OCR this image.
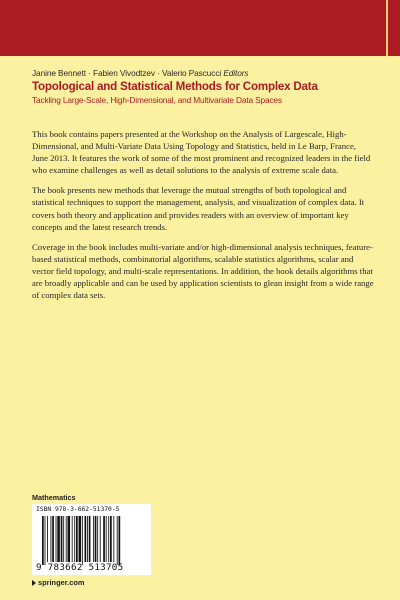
Janine Bennett · Fabien Vivodtzev · Valerio Pascucci Editors
Topological and Statistical Methods for Complex Data
Tackling Large-Scale, High-Dimensional, and Multivariate Data Spaces

This book contains papers presented at the Workshop on the Analysis of Largescale, High-Dimensional, and Multi-Variate Data Using Topology and Statistics, held in Le Barp, France, June 2013. It features the work of some of the most prominent and recognized leaders in the field who examine challenges as well as detail solutions to the analysis of extreme scale data.

The book presents new methods that leverage the mutual strengths of both topological and statistical techniques to support the management, analysis, and visualization of complex data. It covers both theory and application and provides readers with an overview of important key concepts and the latest research trends.

Coverage in the book includes multi-variate and/or high-dimensional analysis techniques, feature-based statistical methods, combinatorial algorithms, scalable statistics algorithms, scalar and vector field topology, and multi-scale representations. In addition, the book details algorithms that are broadly applicable and can be used by application scientists to glean insight from a wide range of complex data sets.

Mathematics
ISBN 978-3-662-51370-5
9 783662 513705
springer.com
